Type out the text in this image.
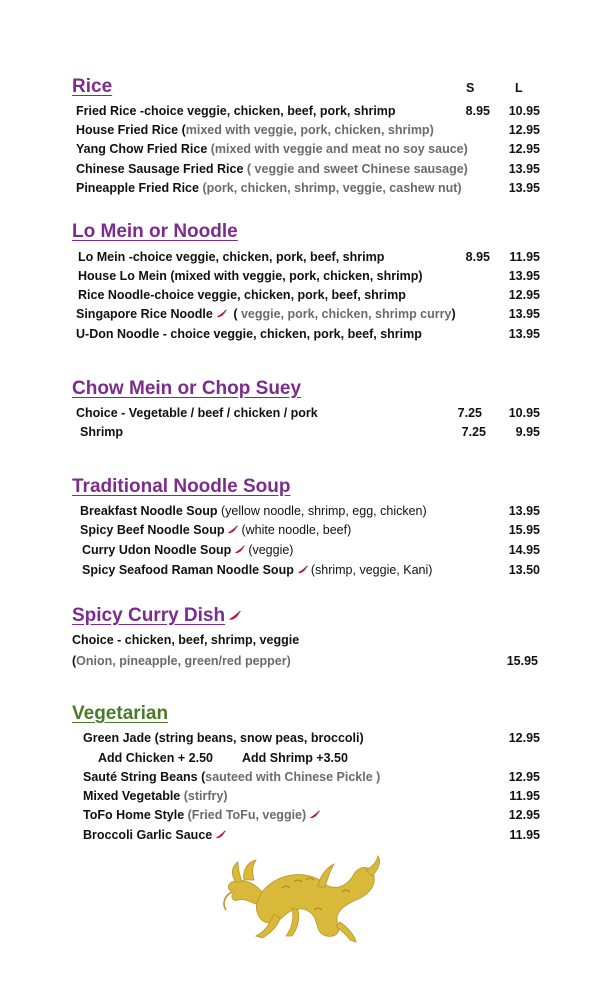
Rice	S	L
Fried Rice -choice veggie, chicken, beef, pork, shrimp	8.95	10.95
House Fried Rice (mixed with veggie, pork, chicken, shrimp)	12.95
Yang Chow Fried Rice (mixed with veggie and meat no soy sauce)	12.95
Chinese Sausage Fried Rice ( veggie and sweet Chinese sausage)	13.95
Pineapple Fried Rice (pork, chicken, shrimp, veggie, cashew nut)	13.95
Lo Mein or Noodle
Lo Mein -choice veggie, chicken, pork, beef, shrimp	8.95	11.95
House Lo Mein (mixed with veggie, pork, chicken, shrimp)	13.95
Rice Noodle-choice veggie, chicken, pork, beef, shrimp	12.95
Singapore Rice Noodle ( veggie, pork, chicken, shrimp curry)	13.95
U-Don Noodle - choice veggie, chicken, pork, beef, shrimp	13.95
Chow Mein or Chop Suey
Choice - Vegetable / beef / chicken / pork	7.25	10.95
Shrimp	7.25	9.95
Traditional Noodle Soup
Breakfast Noodle Soup (yellow noodle, shrimp, egg, chicken)	13.95
Spicy Beef Noodle Soup (white noodle, beef)	15.95
Curry Udon Noodle Soup (veggie)	14.95
Spicy Seafood Raman Noodle Soup (shrimp, veggie, Kani)	13.50
Spicy Curry Dish
Choice - chicken, beef, shrimp, veggie
(Onion, pineapple, green/red pepper)	15.95
Vegetarian
Green Jade (string beans, snow peas, broccoli)	12.95
Add Chicken + 2.50 Add Shrimp +3.50
Sauté String Beans (sauteed with Chinese Pickle )	12.95
Mixed Vegetable (stirfry)	11.95
ToFo Home Style (Fried ToFu, veggie)	12.95
Broccoli Garlic Sauce	11.95
